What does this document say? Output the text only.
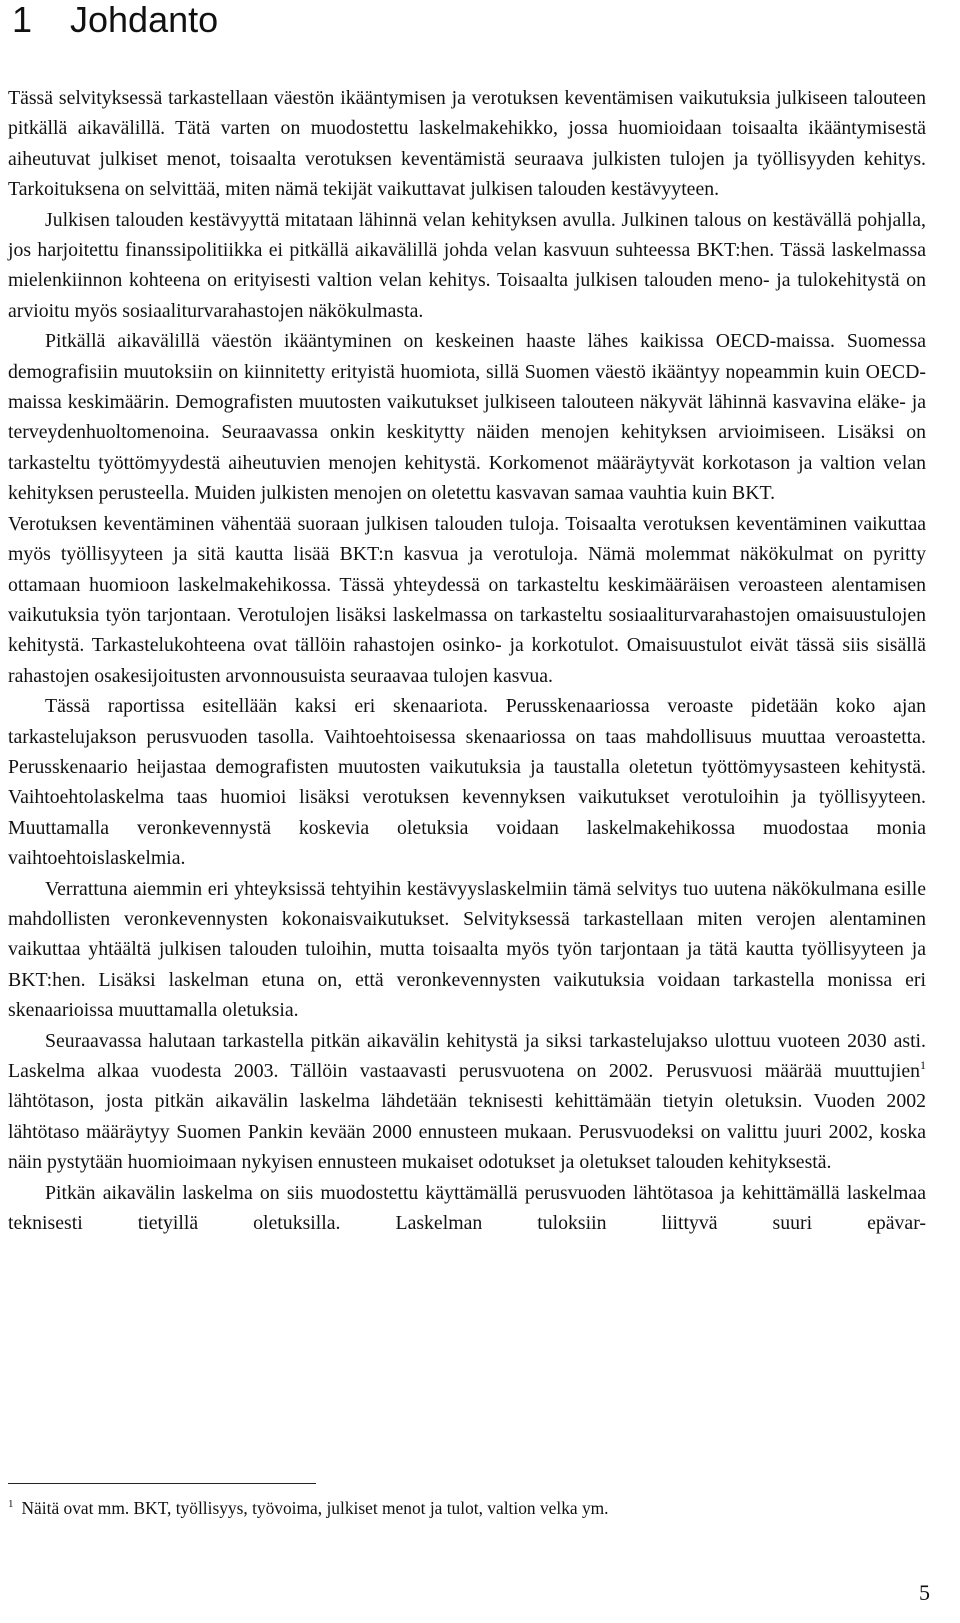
1 Johdanto

Tässä selvityksessä tarkastellaan väestön ikääntymisen ja verotuksen keventämisen vaikutuksia julkiseen talouteen pitkällä aikavälillä. Tätä varten on muodostettu laskelmakehikko, jossa huomioidaan toisaalta ikääntymisestä aiheutuvat julkiset menot, toisaalta verotuksen keventämistä seuraava julkisten tulojen ja työllisyyden kehitys. Tarkoituksena on selvittää, miten nämä tekijät vaikuttavat julkisen talouden kestävyyteen.

Julkisen talouden kestävyyttä mitataan lähinnä velan kehityksen avulla. Julkinen talous on kestävällä pohjalla, jos harjoitettu finanssipolitiikka ei pitkällä aikavälillä johda velan kasvuun suhteessa BKT:hen. Tässä laskelmassa mielenkiinnon kohteena on erityisesti valtion velan kehitys. Toisaalta julkisen talouden meno- ja tulokehitystä on arvioitu myös sosiaaliturvarahastojen näkökulmasta.

Pitkällä aikavälillä väestön ikääntyminen on keskeinen haaste lähes kaikissa OECD-maissa. Suomessa demografisiin muutoksiin on kiinnitetty erityistä huomiota, sillä Suomen väestö ikääntyy nopeammin kuin OECD-maissa keskimäärin. Demografisten muutosten vaikutukset julkiseen talouteen näkyvät lähinnä kasvavina eläke- ja terveydenhuoltomenoina. Seuraavassa onkin keskitytty näiden menojen kehityksen arvioimiseen. Lisäksi on tarkasteltu työttömyydestä aiheutuvien menojen kehitystä. Korkomenot määräytyvät korkotason ja valtion velan kehityksen perusteella. Muiden julkisten menojen on oletettu kasvavan samaa vauhtia kuin BKT.

Verotuksen keventäminen vähentää suoraan julkisen talouden tuloja. Toisaalta verotuksen keventäminen vaikuttaa myös työllisyyteen ja sitä kautta lisää BKT:n kasvua ja verotuloja. Nämä molemmat näkökulmat on pyritty ottamaan huomioon laskelmakehikossa. Tässä yhteydessä on tarkasteltu keskimääräisen veroasteen alentamisen vaikutuksia työn tarjontaan. Verotulojen lisäksi laskelmassa on tarkasteltu sosiaaliturvarahastojen omaisuustulojen kehitystä. Tarkastelukohteena ovat tällöin rahastojen osinko- ja korkotulot. Omaisuustulot eivät tässä siis sisällä rahastojen osakesijoitusten arvonnousuista seuraavaa tulojen kasvua.

Tässä raportissa esitellään kaksi eri skenaariota. Perusskenaariossa veroaste pidetään koko ajan tarkastelujakson perusvuoden tasolla. Vaihtoehtoisessa skenaariossa on taas mahdollisuus muuttaa veroastetta. Perusskenaario heijastaa demografisten muutosten vaikutuksia ja taustalla oletetun työttömyysasteen kehitystä. Vaihtoehtolaskelma taas huomioi lisäksi verotuksen kevennyksen vaikutukset verotuloihin ja työllisyyteen. Muuttamalla veronkevennystä koskevia oletuksia voidaan laskelmakehikossa muodostaa monia vaihtoehtoislaskelmia.

Verrattuna aiemmin eri yhteyksissä tehtyihin kestävyyslaskelmiin tämä selvitys tuo uutena näkökulmana esille mahdollisten veronkevennysten kokonaisvaikutukset. Selvityksessä tarkastellaan miten verojen alentaminen vaikuttaa yhtäältä julkisen talouden tuloihin, mutta toisaalta myös työn tarjontaan ja tätä kautta työllisyyteen ja BKT:hen. Lisäksi laskelman etuna on, että veronkevennysten vaikutuksia voidaan tarkastella monissa eri skenaarioissa muuttamalla oletuksia.

Seuraavassa halutaan tarkastella pitkän aikavälin kehitystä ja siksi tarkastelujakso ulottuu vuoteen 2030 asti. Laskelma alkaa vuodesta 2003. Tällöin vastaavasti perusvuotena on 2002. Perusvuosi määrää muuttujien$^1$ lähtötason, josta pitkän aikavälin laskelma lähdetään teknisesti kehittämään tietyin oletuksin. Vuoden 2002 lähtötaso määräytyy Suomen Pankin kevään 2000 ennusteen mukaan. Perusvuodeksi on valittu juuri 2002, koska näin pystytään huomioimaan nykyisen ennusteen mukaiset odotukset ja oletukset talouden kehityksestä.

Pitkän aikavälin laskelma on siis muodostettu käyttämällä perusvuoden lähtötasoa ja kehittämällä laskelmaa teknisesti tietyillä oletuksilla. Laskelman tuloksiin liittyvä suuri epävar-

$^1$ Näitä ovat mm. BKT, työllisyys, työvoima, julkiset menot ja tulot, valtion velka ym.
5
